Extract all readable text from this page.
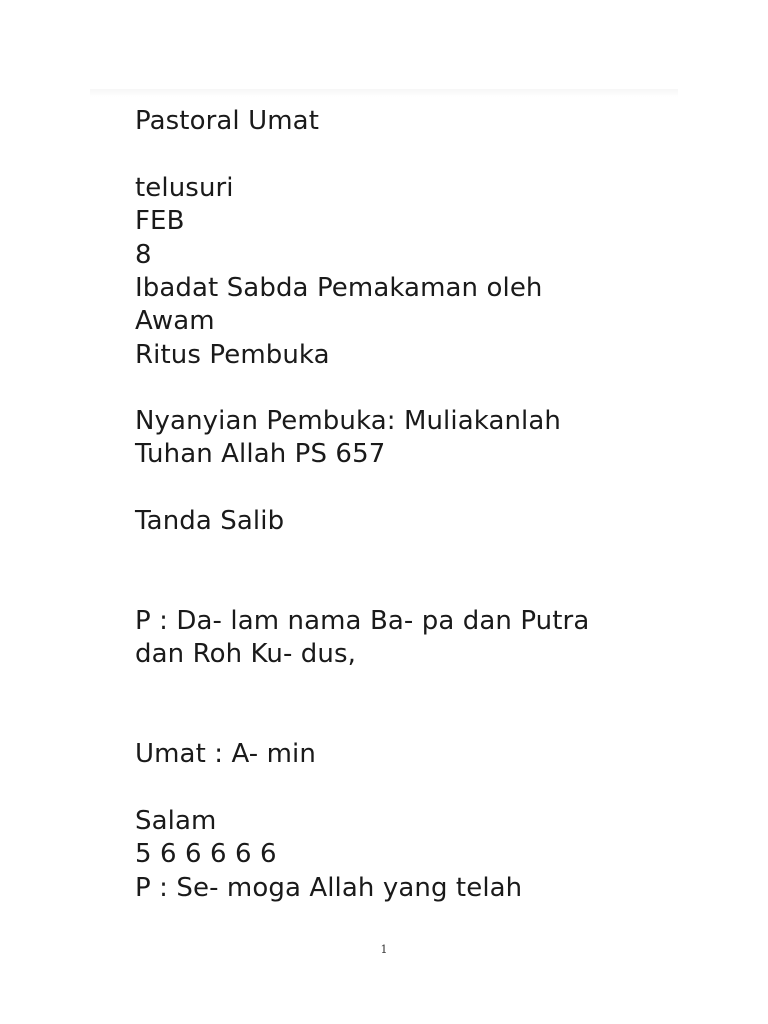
Pastoral Umat
telusuri
FEB
8
Ibadat Sabda Pemakaman oleh
Awam
Ritus Pembuka
Nyanyian Pembuka: Muliakanlah
Tuhan Allah PS 657
Tanda Salib
P : Da- lam nama Ba- pa dan Putra
dan Roh Ku- dus,
Umat : A- min
Salam
5 6 6 6 6 6
P : Se- moga Allah yang telah
1
